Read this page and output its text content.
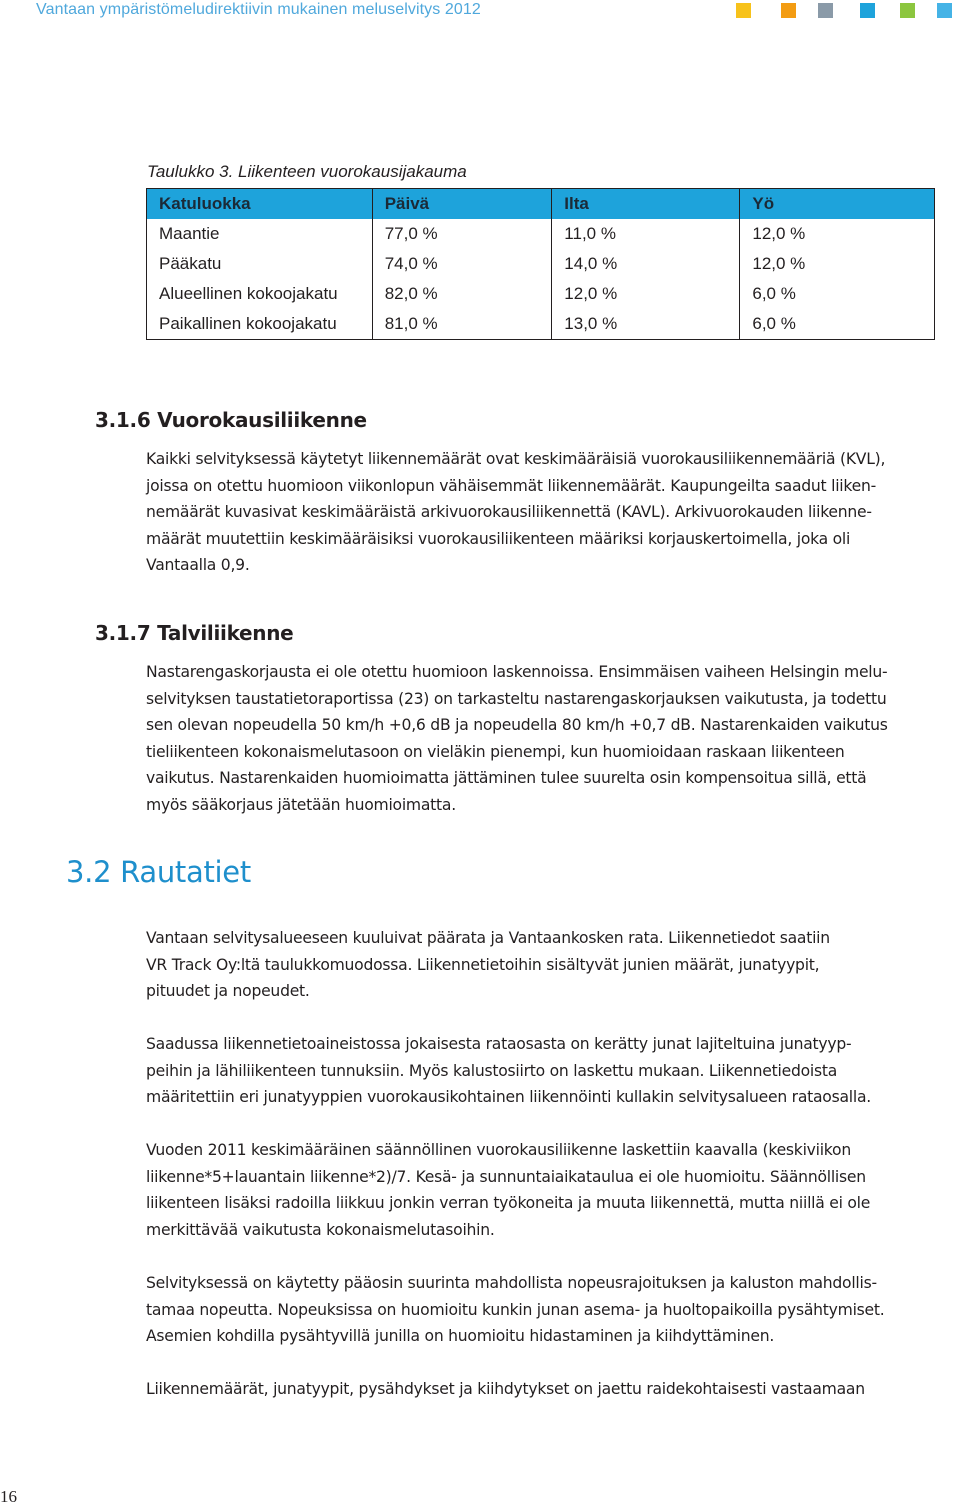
Vantaan ympäristömeludirektiivin mukainen meluselvitys 2012
Taulukko 3. Liikenteen vuorokausijakauma
Katuluokka	Päivä	Ilta	Yö
Maantie	77,0 %	11,0 %	12,0 %
Pääkatu	74,0 %	14,0 %	12,0 %
Alueellinen kokoojakatu	82,0 %	12,0 %	6,0 %
Paikallinen kokoojakatu	81,0 %	13,0 %	6,0 %
3.1.6 Vuorokausiliikenne
Kaikki selvityksessä käytetyt liikennemäärät ovat keskimääräisiä vuorokausiliikennemääriä (KVL),
joissa on otettu huomioon viikonlopun vähäisemmät liikennemäärät. Kaupungeilta saadut liiken-
nemäärät kuvasivat keskimääräistä arkivuorokausiliikennettä (KAVL). Arkivuorokauden liikenne-
määrät muutettiin keskimääräisiksi vuorokausiliikenteen määriksi korjauskertoimella, joka oli
Vantaalla 0,9.
3.1.7 Talviliikenne
Nastarengaskorjausta ei ole otettu huomioon laskennoissa. Ensimmäisen vaiheen Helsingin melu-
selvityksen taustatietoraportissa (23) on tarkasteltu nastarengaskorjauksen vaikutusta, ja todettu
sen olevan nopeudella 50 km/h +0,6 dB ja nopeudella 80 km/h +0,7 dB. Nastarenkaiden vaikutus
tieliikenteen kokonaismelutasoon on vieläkin pienempi, kun huomioidaan raskaan liikenteen
vaikutus. Nastarenkaiden huomioimatta jättäminen tulee suurelta osin kompensoitua sillä, että
myös sääkorjaus jätetään huomioimatta.
3.2 Rautatiet
Vantaan selvitysalueeseen kuuluivat päärata ja Vantaankosken rata. Liikennetiedot saatiin
VR Track Oy:ltä taulukkomuodossa. Liikennetietoihin sisältyvät junien määrät, junatyypit,
pituudet ja nopeudet.
Saadussa liikennetietoaineistossa jokaisesta rataosasta on kerätty junat lajiteltuina junatyyp-
peihin ja lähiliikenteen tunnuksiin. Myös kalustosiirto on laskettu mukaan. Liikennetiedoista
määritettiin eri junatyyppien vuorokausikohtainen liikennöinti kullakin selvitysalueen rataosalla.
Vuoden 2011 keskimääräinen säännöllinen vuorokausiliikenne laskettiin kaavalla (keskiviikon
liikenne*5+lauantain liikenne*2)/7. Kesä- ja sunnuntaiaikataulua ei ole huomioitu. Säännöllisen
liikenteen lisäksi radoilla liikkuu jonkin verran työkoneita ja muuta liikennettä, mutta niillä ei ole
merkittävää vaikutusta kokonaismelutasoihin.
Selvityksessä on käytetty pääosin suurinta mahdollista nopeusrajoituksen ja kaluston mahdollis-
tamaa nopeutta. Nopeuksissa on huomioitu kunkin junan asema- ja huoltopaikoilla pysähtymiset.
Asemien kohdilla pysähtyvillä junilla on huomioitu hidastaminen ja kiihdyttäminen.
Liikennemäärät, junatyypit, pysähdykset ja kiihdytykset on jaettu raidekohtaisesti vastaamaan
16
